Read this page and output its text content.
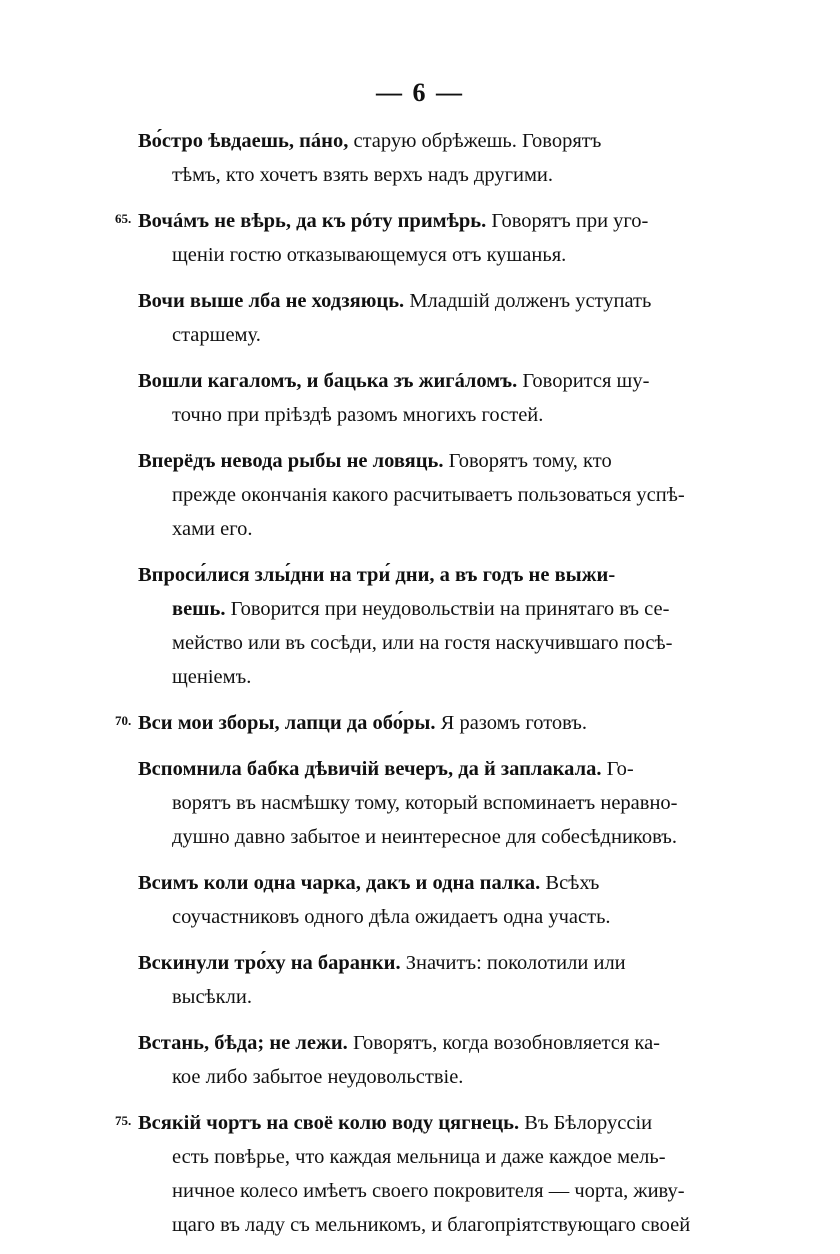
— 6 —
Во́стро ѣвдаешь, пáно, старую обрѣжешь. Говорятъ
тѣмъ, кто хочетъ взять верхъ надъ другими.
65. Вочáмъ не вѣрь, да къ рóту примѣрь. Говорятъ при уго-
щеніи гостю отказывающемуся отъ кушанья.
Вочи выше лба не ходзяюць. Младшій долженъ уступать
старшему.
Вошли кагаломъ, и бацька зъ жигáломъ. Говорится шу-
точно при пріѣздѣ разомъ многихъ гостей.
Вперёдъ невода рыбы не ловяць. Говорятъ тому, кто
прежде окончанія какого расчитываетъ пользоваться успѣ-
хами его.
Впроси́лися злы́дни на три́ дни, а въ годъ не выжи-
вешь. Говорится при неудовольствіи на принятаго въ се-
мейство или въ сосѣди, или на гостя наскучившаго посѣ-
щеніемъ.
70. Вси мои зборы, лапци да обо́ры. Я разомъ готовъ.
Вспомнила бабка дѣвичій вечеръ, да й заплакала. Го-
ворятъ въ насмѣшку тому, который вспоминаетъ неравно-
душно давно забытое и неинтересное для собесѣдниковъ.
Всимъ коли одна чарка, дакъ и одна палка. Всѣхъ
соучастниковъ одного дѣла ожидаетъ одна участь.
Вскинули тро́ху на баранки. Значитъ: поколотили или
высѣкли.
Встань, бѣда; не лежи. Говорятъ, когда возобновляется ка-
кое либо забытое неудовольствіе.
75. Всякій чортъ на своё колю воду цягнець. Въ Бѣлоруссіи
есть повѣрье, что каждая мельница и даже каждое мель-
ничное колесо имѣетъ своего покровителя — чорта, живу-
щаго въ ладу съ мельникомъ, и благопріятствующаго своей
